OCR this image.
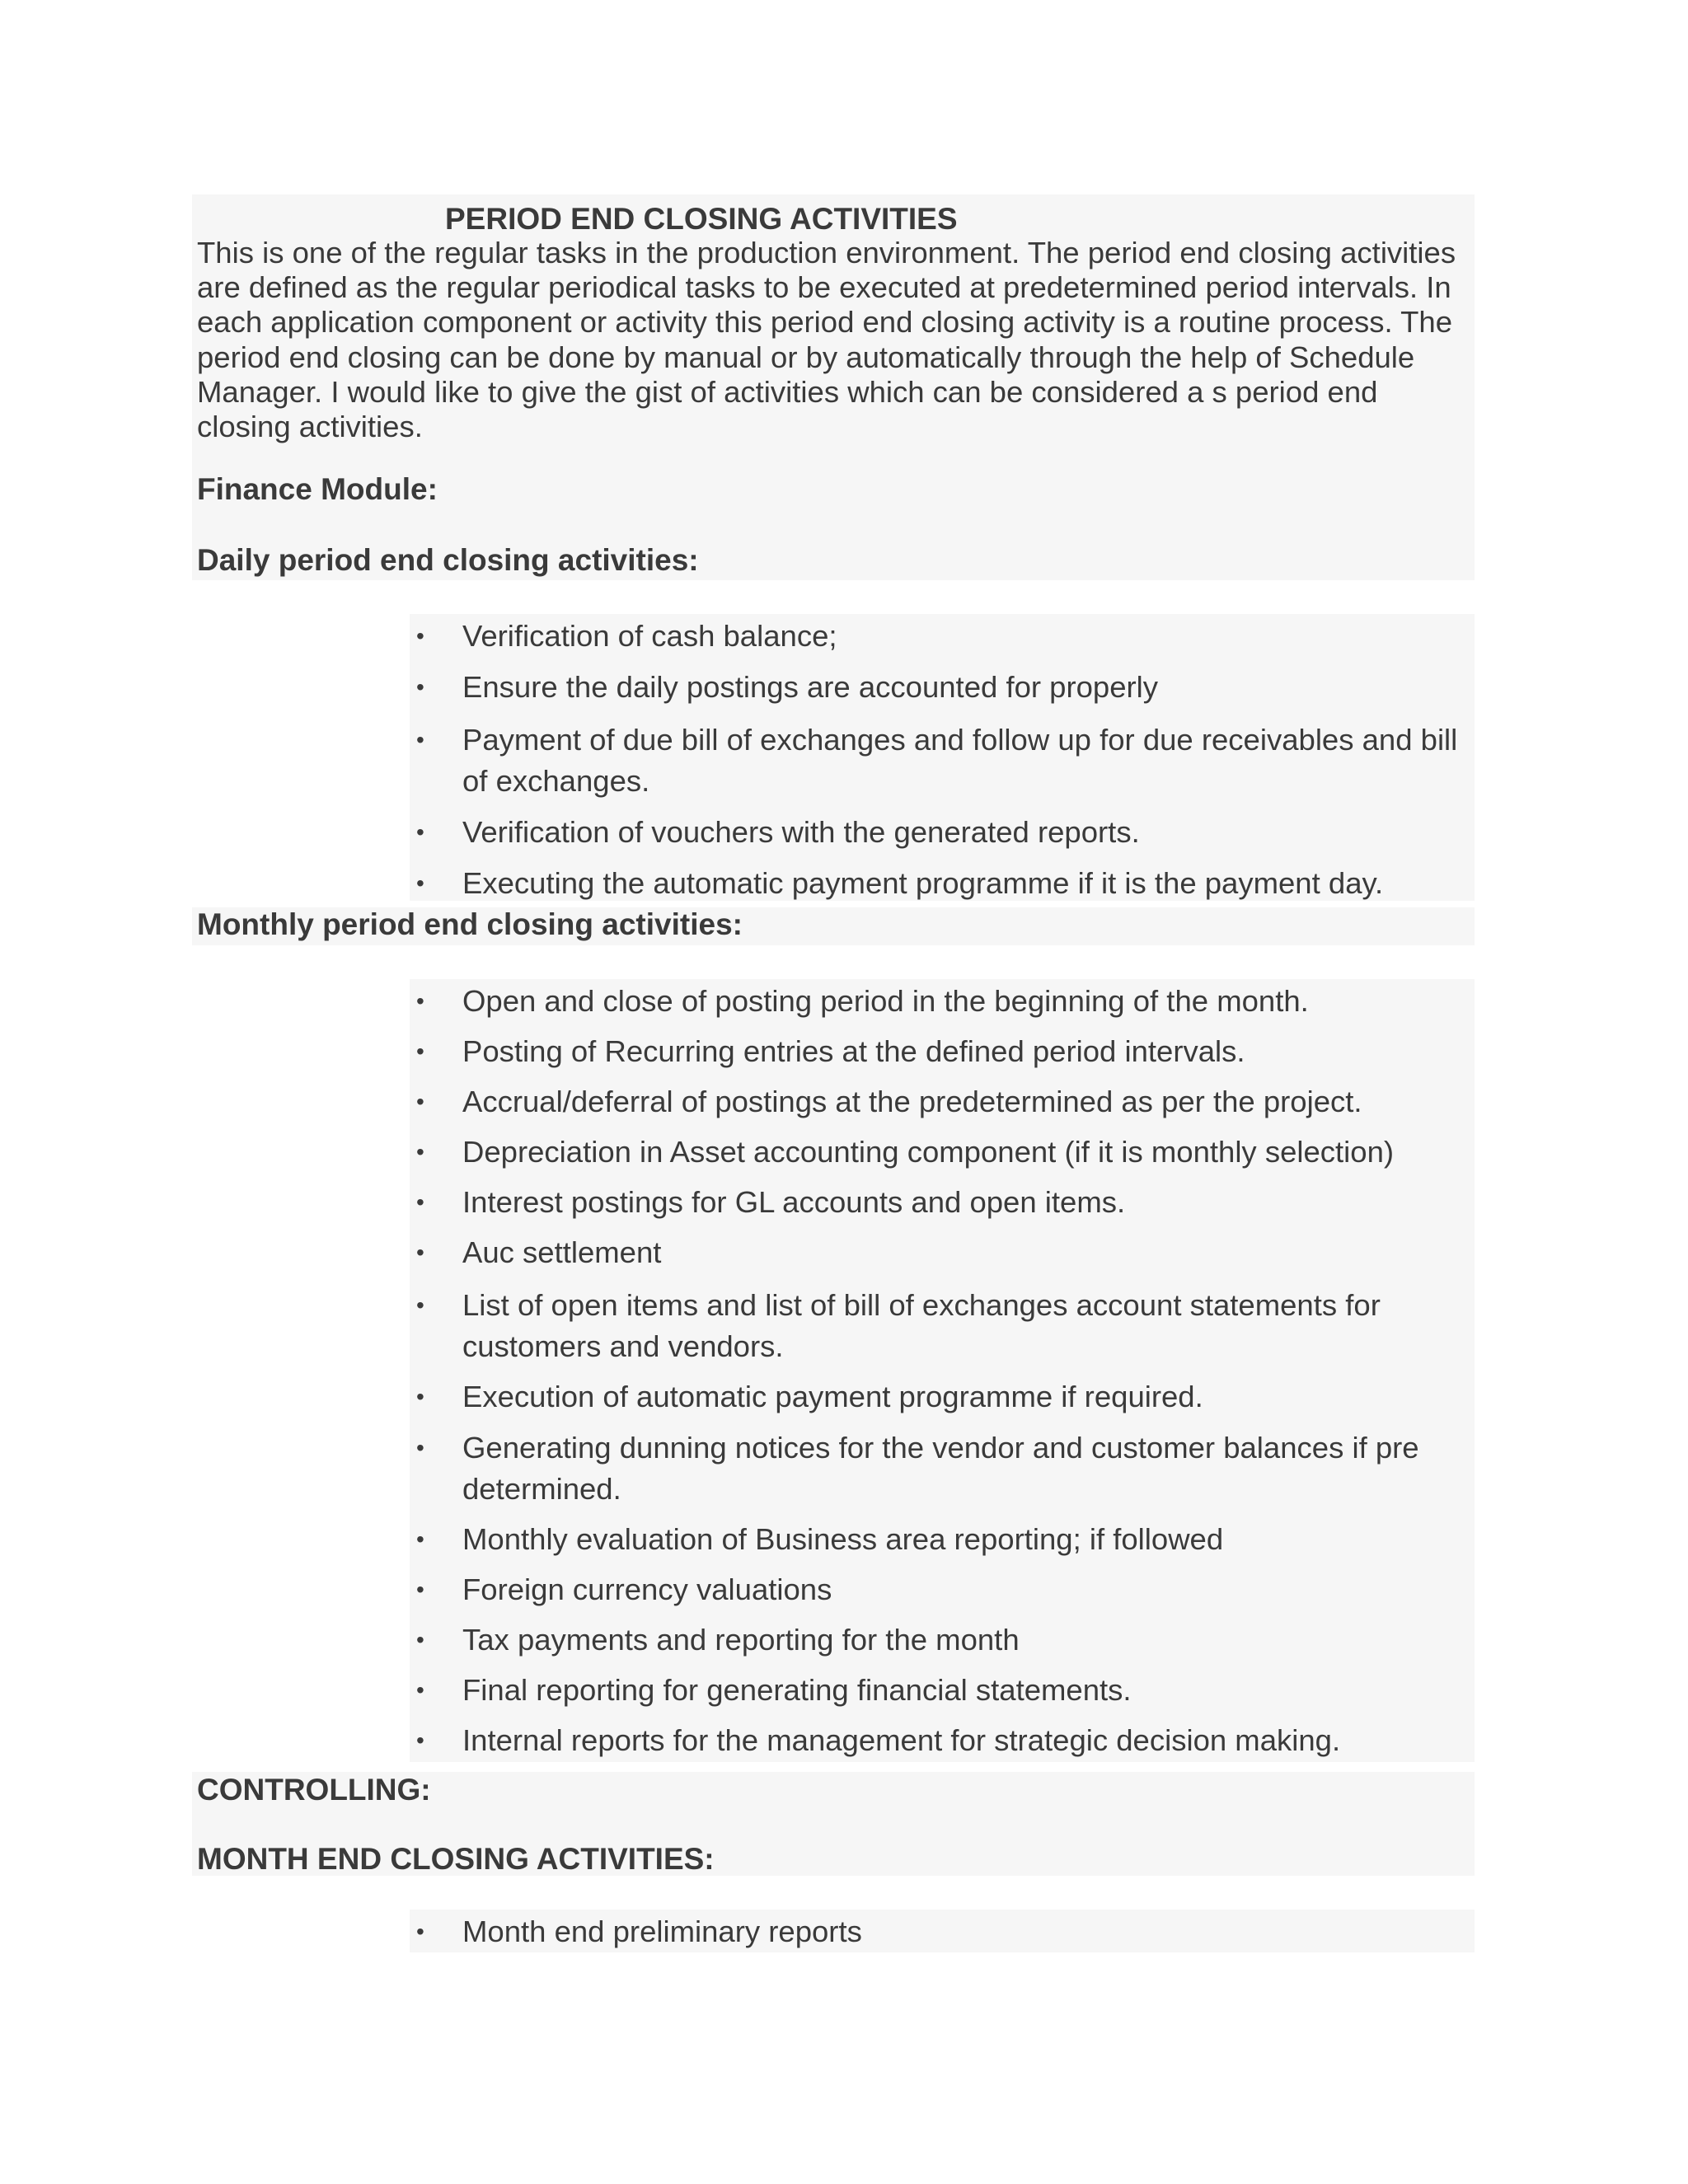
PERIOD END CLOSING ACTIVITIES

This is one of the regular tasks in the production environment. The period end closing activities are defined as the regular periodical tasks to be executed at predetermined period intervals. In each application component or activity this period end closing activity is a routine process. The period end closing can be done by manual or by automatically through the help of Schedule Manager. I would like to give the gist of activities which can be considered a s period end closing activities.

Finance Module:
Daily period end closing activities:
• Verification of cash balance;
• Ensure the daily postings are accounted for properly
• Payment of due bill of exchanges and follow up for due receivables and bill of exchanges.
• Verification of vouchers with the generated reports.
• Executing the automatic payment programme if it is the payment day.
Monthly period end closing activities:
• Open and close of posting period in the beginning of the month.
• Posting of Recurring entries at the defined period intervals.
• Accrual/deferral of postings at the predetermined as per the project.
• Depreciation in Asset accounting component (if it is monthly selection)
• Interest postings for GL accounts and open items.
• Auc settlement
• List of open items and list of bill of exchanges account statements for customers and vendors.
• Execution of automatic payment programme if required.
• Generating dunning notices for the vendor and customer balances if pre determined.
• Monthly evaluation of Business area reporting; if followed
• Foreign currency valuations
• Tax payments and reporting for the month
• Final reporting for generating financial statements.
• Internal reports for the management for strategic decision making.
CONTROLLING:
MONTH END CLOSING ACTIVITIES:
• Month end preliminary reports
